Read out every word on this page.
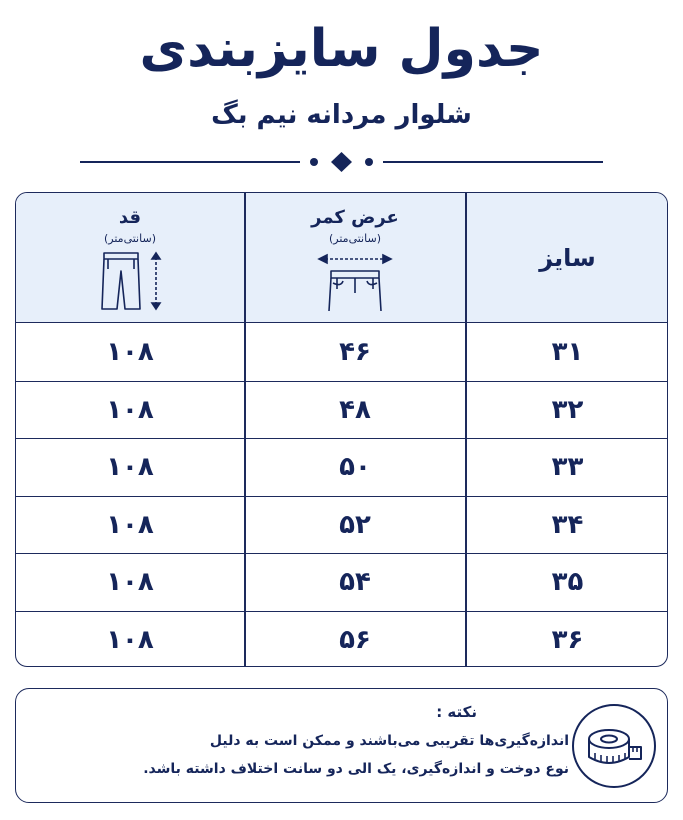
جدول سایزبندی
شلوار مردانه نیم بگ
قد
(سانتی‌متر)
عرض کمر
(سانتی‌متر)
سایز
۱۰۸	۴۶	۳۱
۱۰۸	۴۸	۳۲
۱۰۸	۵۰	۳۳
۱۰۸	۵۲	۳۴
۱۰۸	۵۴	۳۵
۱۰۸	۵۶	۳۶
نکته :
اندازه‌گیری‌ها تقریبی می‌باشند و ممکن است به دلیل
نوع دوخت و اندازه‌گیری، یک الی دو سانت اختلاف داشته باشد.
